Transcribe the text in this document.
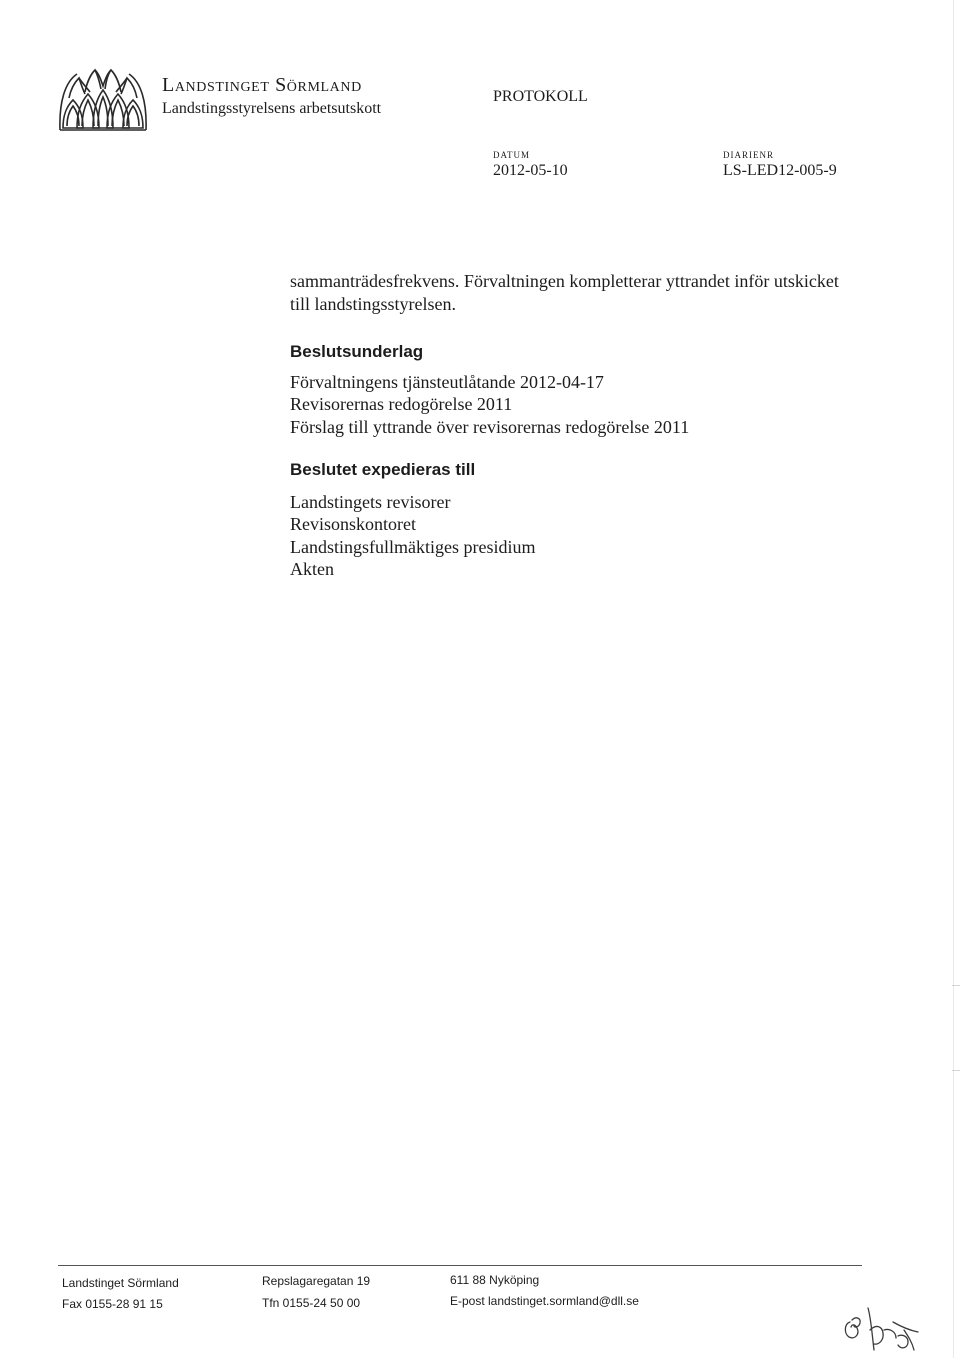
Landstinget Sörmland

Landstingsstyrelsens arbetsutskott

PROTOKOLL
DATUM
2012-05-10
DIARIENR
LS-LED12-005-9
sammanträdesfrekvens. Förvaltningen kompletterar yttrandet inför utskicket
till landstingsstyrelsen.
Beslutsunderlag
Förvaltningens tjänsteutlåtande 2012-04-17
Revisorernas redogörelse 2011
Förslag till yttrande över revisorernas redogörelse 2011
Beslutet expedieras till
Landstingets revisorer
Revisonskontoret
Landstingsfullmäktiges presidium
Akten
Landstinget Sörmland
Fax 0155-28 91 15
Repslagaregatan 19
Tfn 0155-24 50 00
611 88 Nyköping
E-post landstinget.sormland@dll.se
